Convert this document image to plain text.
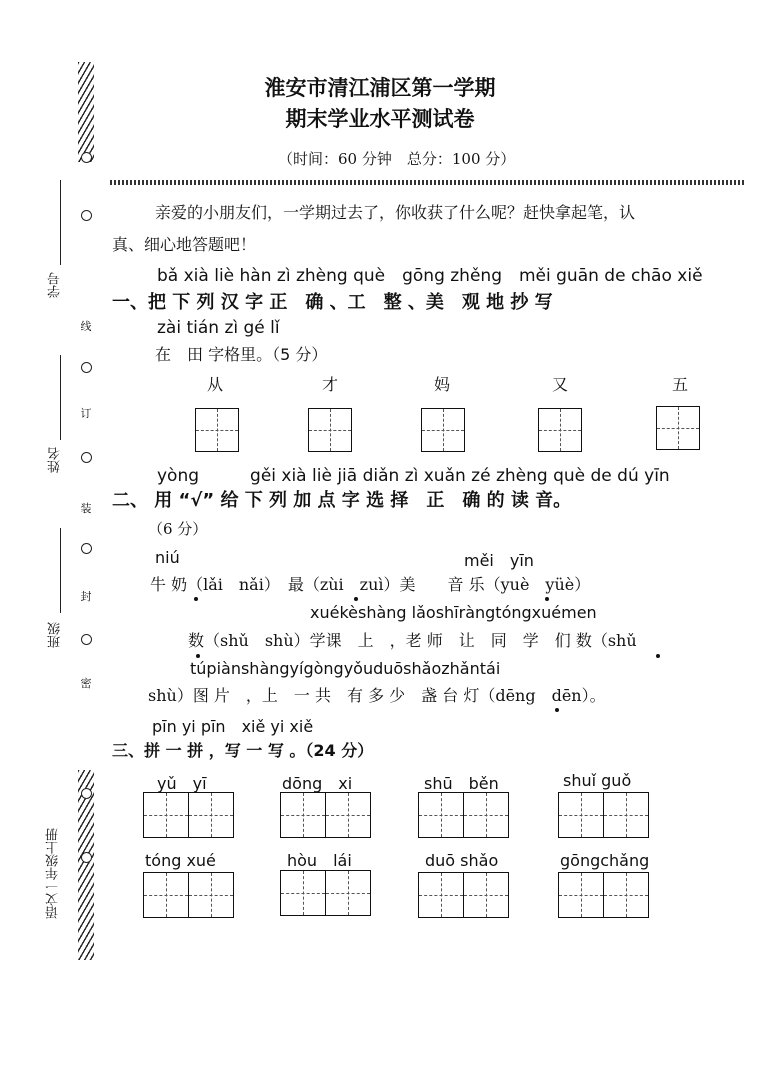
线
订
装
封
密
学号
姓名
班级
语文一年级上册
淮安市清江浦区第一学期
期末学业水平测试卷
（时间：60 分钟　总分：100 分）
亲爱的小朋友们，一学期过去了，你收获了什么呢？赶快拿起笔，认
真、细心地答题吧！
bǎ xià liè hàn zì zhèng què　gōng zhěng　měi guān de chāo xiě
一、把 下 列 汉 字 正　确 、工　整 、美　观 地 抄 写
zài tián zì gé lǐ
在　田 字格里。（5 分）
从	才	妈	又	五
yòng　　　gěi xià liè jiā diǎn zì xuǎn zé zhèng què de dú yīn
二、 用 “√” 给 下 列 加 点 字 选 择　正　确 的 读 音。
（6 分）
niú	měi　yīn
牛 奶（lǎi　nǎi）　最（zùi　zuì）美　　音 乐（yuè　yüè）
xuékèshàng lǎoshīràngtóngxuémen
数（shǔ　shù）学课　上　，老 师　让　同　学　们 数（shǔ
túpiànshàngyígòngyǒuduōshǎozhǎntái
shù）图 片　，上　一 共　有 多 少　盏 台 灯（dēng　dēn）。
pīn yi pīn　xiě yi xiě
三、拼 一 拼 ，写 一 写 。（24 分）
yǔ　yī	dōng　xi	shū　běn	shuǐ guǒ
tóng xué	hòu　lái	duō shǎo	gōngchǎng
